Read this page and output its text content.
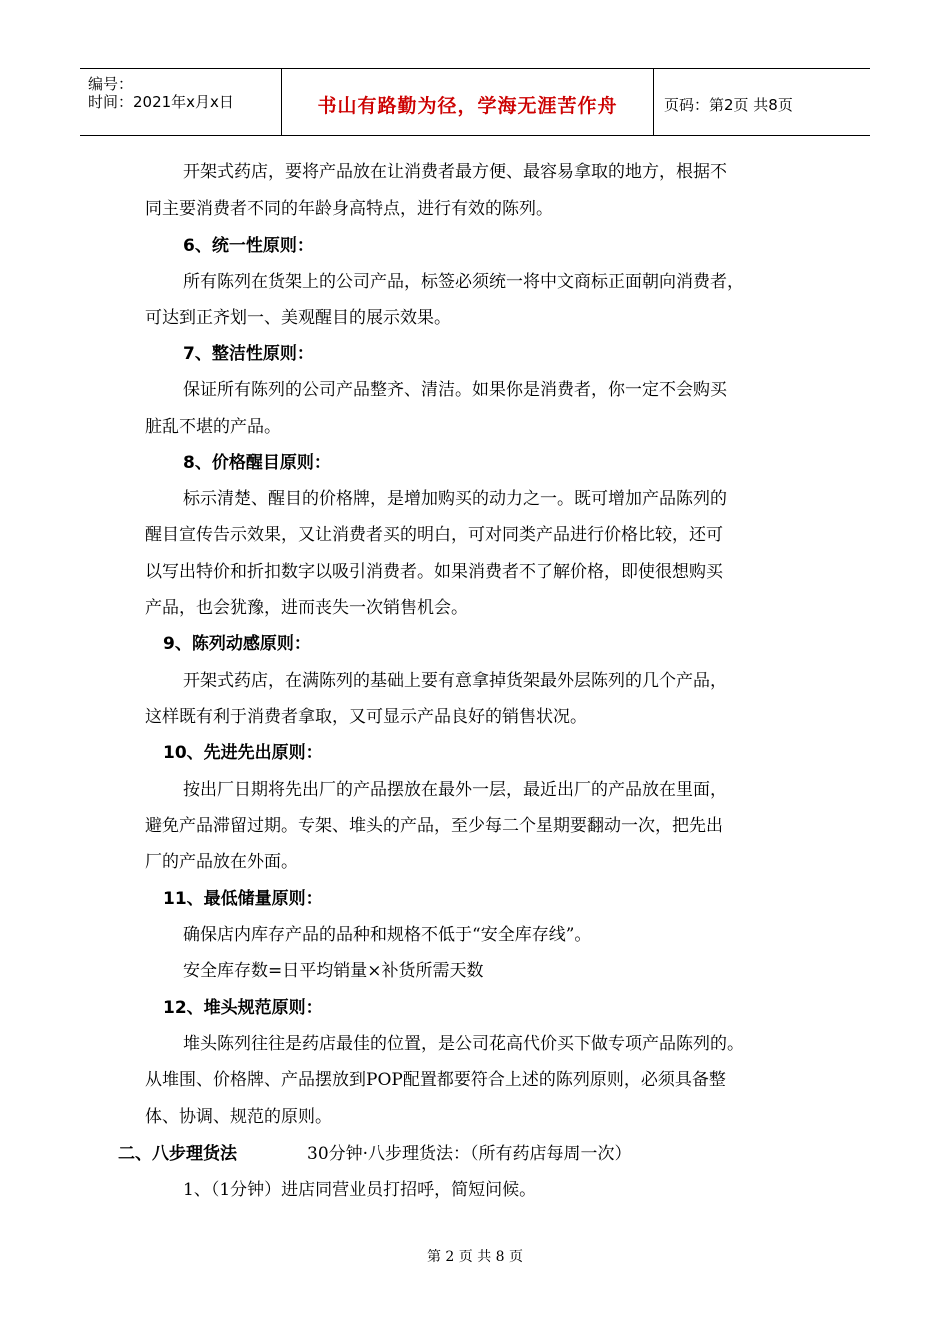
编号：
时间：2021年x月x日	书山有路勤为径，学海无涯苦作舟	页码：第2页 共8页
开架式药店，要将产品放在让消费者最方便、最容易拿取的地方，根据不
同主要消费者不同的年龄身高特点，进行有效的陈列。
6、统一性原则：
所有陈列在货架上的公司产品，标签必须统一将中文商标正面朝向消费者，
可达到正齐划一、美观醒目的展示效果。
7、整洁性原则：
保证所有陈列的公司产品整齐、清洁。如果你是消费者，你一定不会购买
脏乱不堪的产品。
8、价格醒目原则：
标示清楚、醒目的价格牌，是增加购买的动力之一。既可增加产品陈列的
醒目宣传告示效果，又让消费者买的明白，可对同类产品进行价格比较，还可
以写出特价和折扣数字以吸引消费者。如果消费者不了解价格，即使很想购买
产品，也会犹豫，进而丧失一次销售机会。
9、陈列动感原则：
开架式药店，在满陈列的基础上要有意拿掉货架最外层陈列的几个产品，
这样既有利于消费者拿取，又可显示产品良好的销售状况。
10、先进先出原则：
按出厂日期将先出厂的产品摆放在最外一层，最近出厂的产品放在里面，
避免产品滞留过期。专架、堆头的产品，至少每二个星期要翻动一次，把先出
厂的产品放在外面。
11、最低储量原则：
确保店内库存产品的品种和规格不低于“安全库存线”。
安全库存数=日平均销量×补货所需天数
12、堆头规范原则：
堆头陈列往往是药店最佳的位置，是公司花高代价买下做专项产品陈列的。
从堆围、价格牌、产品摆放到POP配置都要符合上述的陈列原则，必须具备整
体、协调、规范的原则。
二、八步理货法	30分钟·八步理货法：（所有药店每周一次）
1、（1分钟）进店同营业员打招呼，简短问候。
第 2 页 共 8 页
